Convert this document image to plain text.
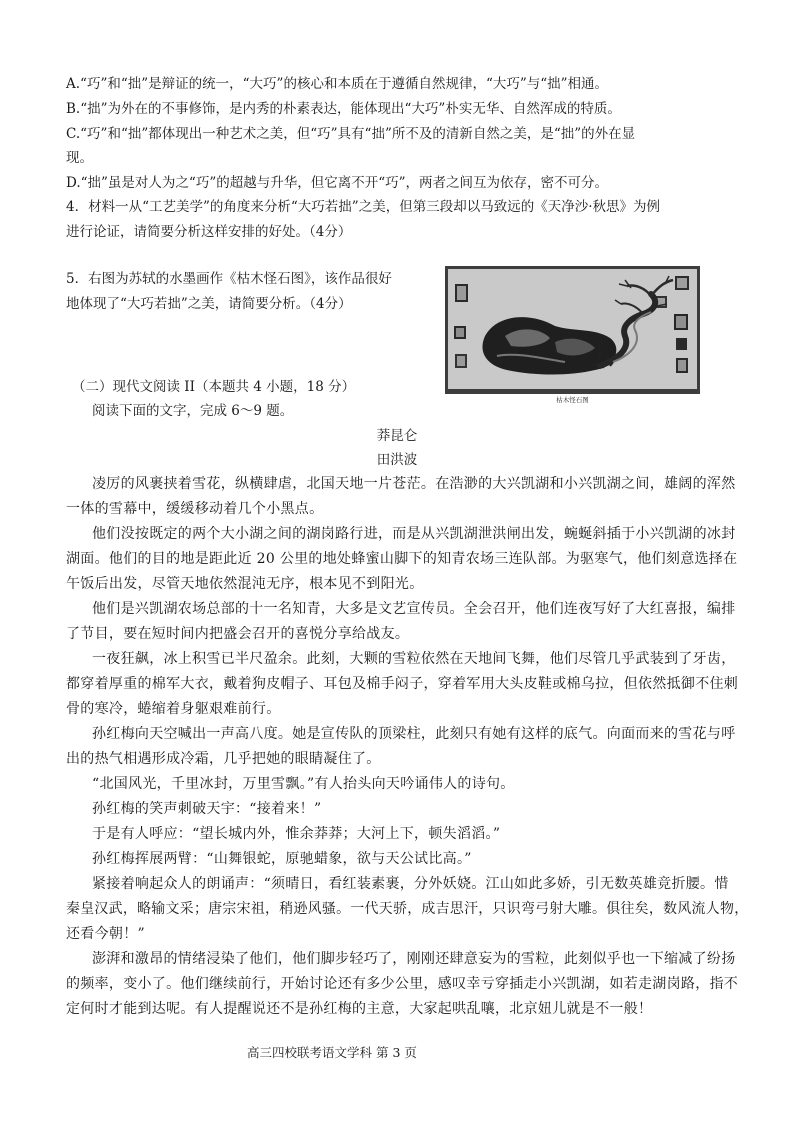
A.“巧”和“拙”是辩证的统一，“大巧”的核心和本质在于遵循自然规律，“大巧”与“拙”相通。
B.“拙”为外在的不事修饰，是内秀的朴素表达，能体现出“大巧”朴实无华、自然浑成的特质。
C.“巧”和“拙”都体现出一种艺术之美，但“巧”具有“拙”所不及的清新自然之美，是“拙”的外在显
现。
D.“拙”虽是对人为之“巧”的超越与升华，但它离不开“巧”，两者之间互为依存，密不可分。
4．材料一从“工艺美学”的角度来分析“大巧若拙”之美，但第三段却以马致远的《天净沙·秋思》为例
进行论证，请简要分析这样安排的好处。（4分）
5．右图为苏轼的水墨画作《枯木怪石图》，该作品很好
地体现了“大巧若拙”之美，请简要分析。（4分）
枯木怪石图
（二）现代文阅读 II（本题共 4 小题，18 分）
阅读下面的文字，完成 6～9 题。
莽昆仑
田洪波
凌厉的风裹挟着雪花，纵横肆虐，北国天地一片苍茫。在浩渺的大兴凯湖和小兴凯湖之间，雄阔的浑然
一体的雪幕中，缓缓移动着几个小黑点。
他们没按既定的两个大小湖之间的湖岗路行进，而是从兴凯湖泄洪闸出发，蜿蜒斜插于小兴凯湖的冰封
湖面。他们的目的地是距此近 20 公里的地处蜂蜜山脚下的知青农场三连队部。为驱寒气，他们刻意选择在
午饭后出发，尽管天地依然混沌无序，根本见不到阳光。
他们是兴凯湖农场总部的十一名知青，大多是文艺宣传员。全会召开，他们连夜写好了大红喜报，编排
了节目，要在短时间内把盛会召开的喜悦分享给战友。
一夜狂飙，冰上积雪已半尺盈余。此刻，大颗的雪粒依然在天地间飞舞，他们尽管几乎武装到了牙齿，
都穿着厚重的棉军大衣，戴着狗皮帽子、耳包及棉手闷子，穿着军用大头皮鞋或棉乌拉，但依然抵御不住刺
骨的寒冷，蜷缩着身躯艰难前行。
孙红梅向天空喊出一声高八度。她是宣传队的顶梁柱，此刻只有她有这样的底气。向面而来的雪花与呼
出的热气相遇形成冷霜，几乎把她的眼睛凝住了。
“北国风光，千里冰封，万里雪飘。”有人抬头向天吟诵伟人的诗句。
孙红梅的笑声刺破天宇：“接着来！”
于是有人呼应：“望长城内外，惟余莽莽；大河上下，顿失滔滔。”
孙红梅挥展两臂：“山舞银蛇，原驰蜡象，欲与天公试比高。”
紧接着响起众人的朗诵声：“须晴日，看红装素裹，分外妖娆。江山如此多娇，引无数英雄竞折腰。惜
秦皇汉武，略输文采；唐宗宋祖，稍逊风骚。一代天骄，成吉思汗，只识弯弓射大雕。俱往矣，数风流人物，
还看今朝！”
澎湃和激昂的情绪浸染了他们，他们脚步轻巧了，刚刚还肆意妄为的雪粒，此刻似乎也一下缩减了纷扬
的频率，变小了。他们继续前行，开始讨论还有多少公里，感叹幸亏穿插走小兴凯湖，如若走湖岗路，指不
定何时才能到达呢。有人提醒说还不是孙红梅的主意，大家起哄乱嚷，北京妞儿就是不一般！
高三四校联考语文学科 第 3 页
